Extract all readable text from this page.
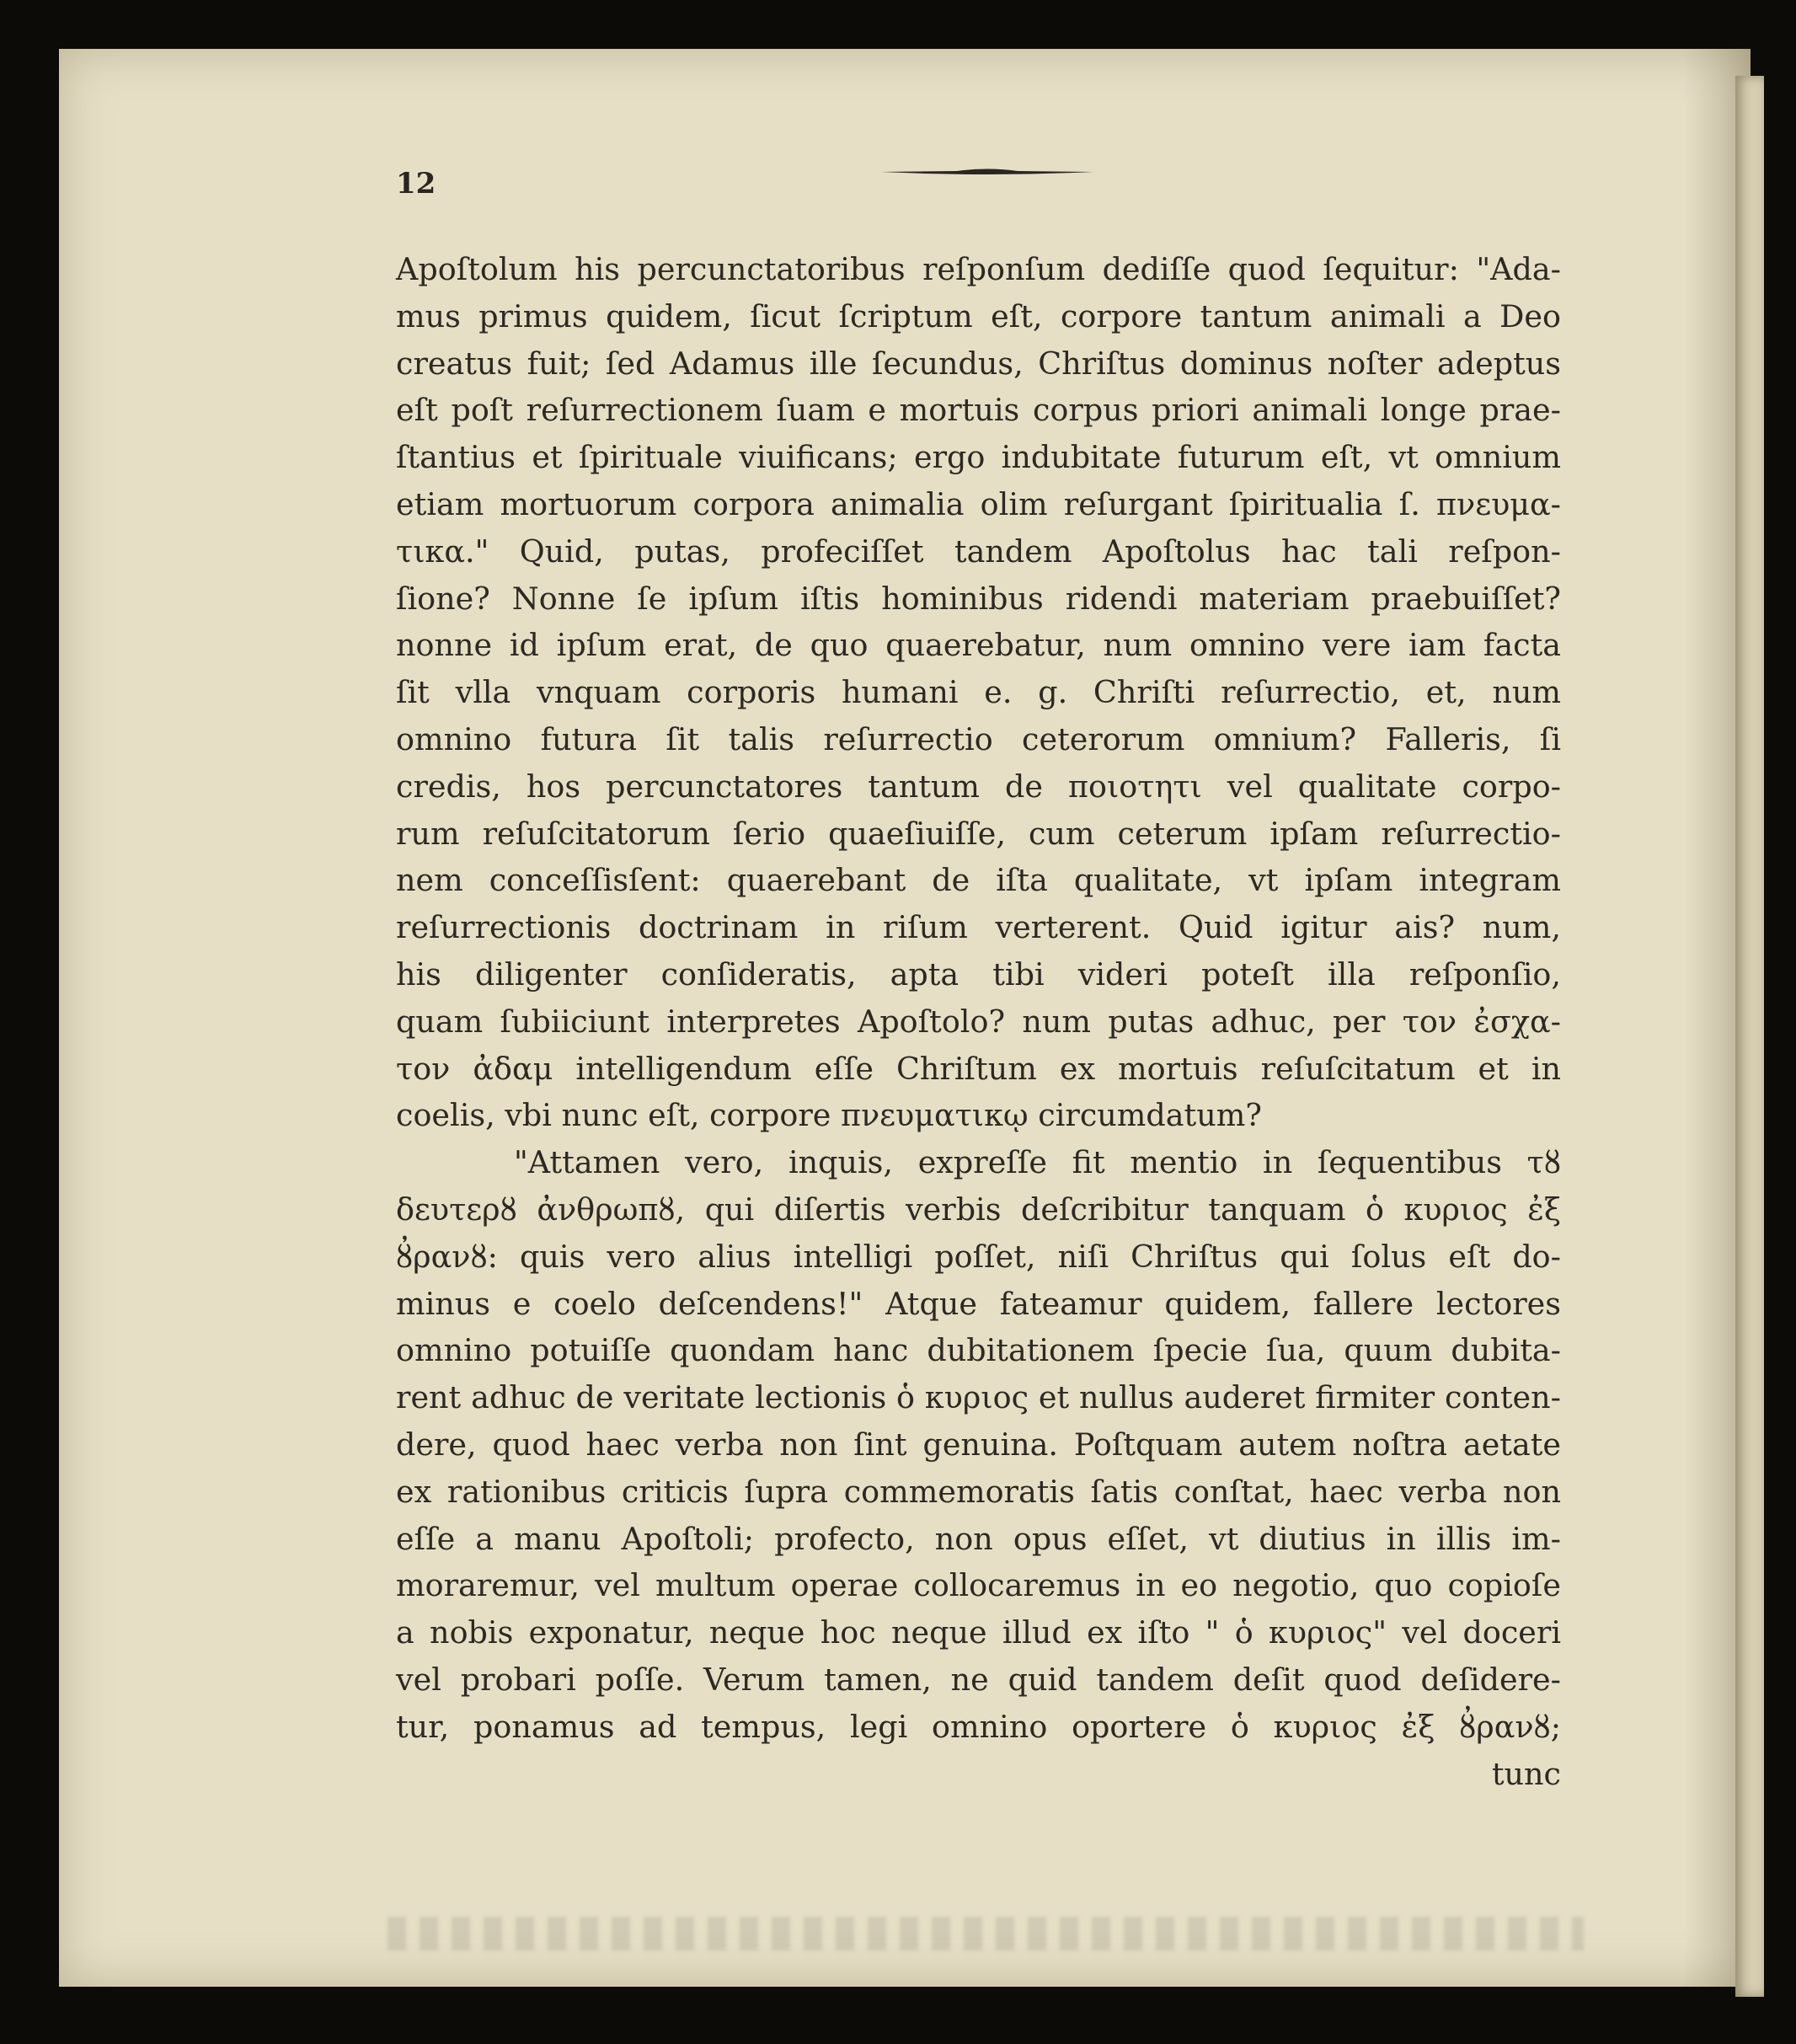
12
Apoſtolum his percunctatoribus reſponſum dediſſe quod ſequitur: "Ada-
mus primus quidem, ſicut ſcriptum eſt, corpore tantum animali a Deo
creatus fuit; ſed Adamus ille ſecundus, Chriſtus dominus noſter adeptus
eſt poſt reſurrectionem ſuam e mortuis corpus priori animali longe prae-
ſtantius et ſpirituale viuificans; ergo indubitate futurum eſt, vt omnium
etiam mortuorum corpora animalia olim reſurgant ſpiritualia ſ. πνευμα-
τικα." Quid, putas, profeciſſet tandem Apoſtolus hac tali reſpon-
ſione? Nonne ſe ipſum iſtis hominibus ridendi materiam praebuiſſet?
nonne id ipſum erat, de quo quaerebatur, num omnino vere iam facta
ſit vlla vnquam corporis humani e. g. Chriſti reſurrectio, et, num
omnino futura ſit talis reſurrectio ceterorum omnium? Falleris, ſi
credis, hos percunctatores tantum de ποιοτητι vel qualitate corpo-
rum reſuſcitatorum ſerio quaeſiuiſſe, cum ceterum ipſam reſurrectio-
nem conceſſisſent: quaerebant de iſta qualitate, vt ipſam integram
reſurrectionis doctrinam in riſum verterent. Quid igitur ais? num,
his diligenter conſideratis, apta tibi videri poteſt illa reſponſio,
quam ſubiiciunt interpretes Apoſtolo? num putas adhuc, per τον ἐσχα-
τον ἀδαμ intelligendum eſſe Chriſtum ex mortuis reſuſcitatum et in
coelis, vbi nunc eſt, corpore πνευματικῳ circumdatum?
"Attamen vero, inquis, expreſſe fit mentio in ſequentibus τȣ
δευτερȣ ἀνθρωπȣ, qui diſertis verbis deſcribitur tanquam ὁ κυριος ἐξ
ȣ̓ρανȣ: quis vero alius intelligi poſſet, niſi Chriſtus qui ſolus eſt do-
minus e coelo deſcendens!" Atque fateamur quidem, fallere lectores
omnino potuiſſe quondam hanc dubitationem ſpecie ſua, quum dubita-
rent adhuc de veritate lectionis ὁ κυριος et nullus auderet firmiter conten-
dere, quod haec verba non ſint genuina. Poſtquam autem noſtra aetate
ex rationibus criticis ſupra commemoratis ſatis conſtat, haec verba non
eſſe a manu Apoſtoli; profecto, non opus eſſet, vt diutius in illis im-
moraremur, vel multum operae collocaremus in eo negotio, quo copioſe
a nobis exponatur, neque hoc neque illud ex iſto " ὁ κυριος" vel doceri
vel probari poſſe. Verum tamen, ne quid tandem deſit quod deſidere-
tur, ponamus ad tempus, legi omnino oportere ὁ κυριος ἐξ ȣ̓ρανȣ;
tunc
